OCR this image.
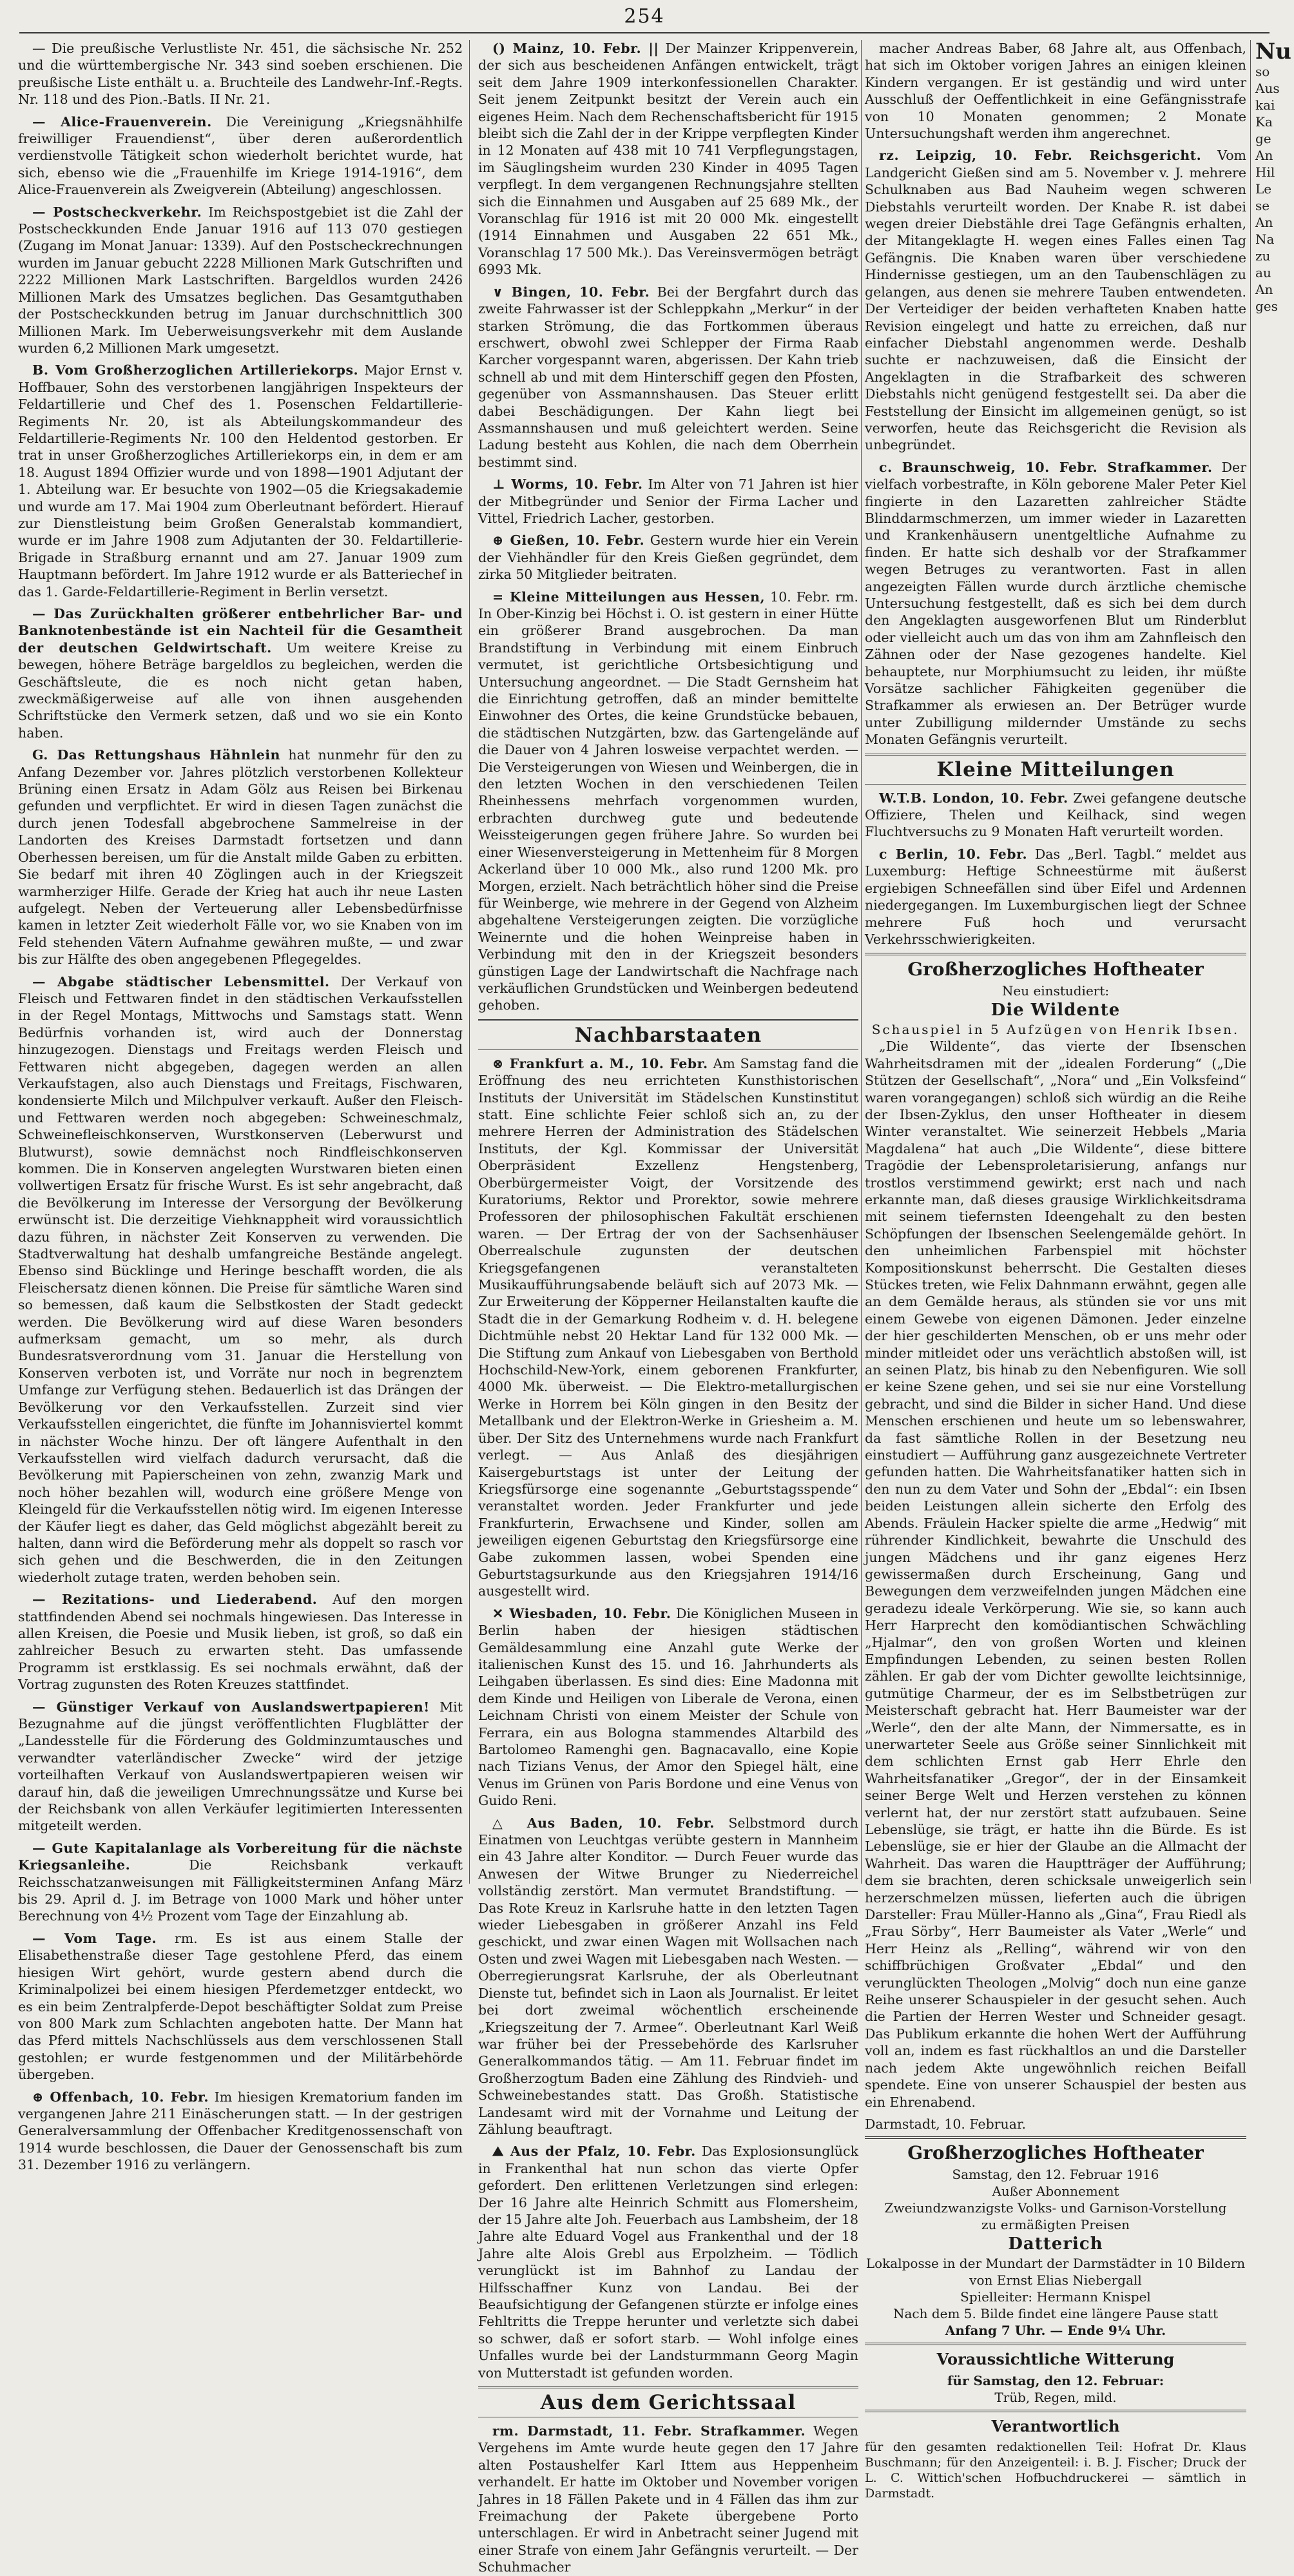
254
— Die preußische Verlustliste Nr. 451, die sächsische Nr. 252 und die württembergische Nr. 343 sind soeben erschienen. Die preußische Liste enthält u. a. Bruchteile des Landwehr-Inf.-Regts. Nr. 118 und des Pion.-Batls. II Nr. 21.
— Alice-Frauenverein. Die Vereinigung „Kriegsnähhilfe freiwilliger Frauendienst“, über deren außerordentlich verdienstvolle Tätigkeit schon wiederholt berichtet wurde, hat sich, ebenso wie die „Frauenhilfe im Kriege 1914-1916“, dem Alice-Frauenverein als Zweigverein (Abteilung) angeschlossen.
— Postscheckverkehr. Im Reichspostgebiet ist die Zahl der Postscheckkunden Ende Januar 1916 auf 113 070 gestiegen (Zugang im Monat Januar: 1339). Auf den Postscheckrechnungen wurden im Januar gebucht 2228 Millionen Mark Gutschriften und 2222 Millionen Mark Lastschriften. Bargeldlos wurden 2426 Millionen Mark des Umsatzes beglichen. Das Gesamtguthaben der Postscheckkunden betrug im Januar durchschnittlich 300 Millionen Mark. Im Ueberweisungsverkehr mit dem Auslande wurden 6,2 Millionen Mark umgesetzt.
B. Vom Großherzoglichen Artilleriekorps. Major Ernst v. Hoffbauer, Sohn des verstorbenen langjährigen Inspekteurs der Feldartillerie und Chef des 1. Posenschen Feldartillerie-Regiments Nr. 20, ist als Abteilungskommandeur des Feldartillerie-Regiments Nr. 100 den Heldentod gestorben. Er trat in unser Großherzogliches Artilleriekorps ein, in dem er am 18. August 1894 Offizier wurde und von 1898—1901 Adjutant der 1. Abteilung war. Er besuchte von 1902—05 die Kriegsakademie und wurde am 17. Mai 1904 zum Oberleutnant befördert. Hierauf zur Dienstleistung beim Großen Generalstab kommandiert, wurde er im Jahre 1908 zum Adjutanten der 30. Feldartillerie-Brigade in Straßburg ernannt und am 27. Januar 1909 zum Hauptmann befördert. Im Jahre 1912 wurde er als Batteriechef in das 1. Garde-Feldartillerie-Regiment in Berlin versetzt.
— Das Zurückhalten größerer entbehrlicher Bar- und Banknotenbestände ist ein Nachteil für die Gesamtheit der deutschen Geldwirtschaft. Um weitere Kreise zu bewegen, höhere Beträge bargeldlos zu begleichen, werden die Geschäftsleute, die es noch nicht getan haben, zweckmäßigerweise auf alle von ihnen ausgehenden Schriftstücke den Vermerk setzen, daß und wo sie ein Konto haben.
G. Das Rettungshaus Hähnlein hat nunmehr für den zu Anfang Dezember vor. Jahres plötzlich verstorbenen Kollekteur Brüning einen Ersatz in Adam Gölz aus Reisen bei Birkenau gefunden und verpflichtet. Er wird in diesen Tagen zunächst die durch jenen Todesfall abgebrochene Sammelreise in der Landorten des Kreises Darmstadt fortsetzen und dann Oberhessen bereisen, um für die Anstalt milde Gaben zu erbitten. Sie bedarf mit ihren 40 Zöglingen auch in der Kriegszeit warmherziger Hilfe. Gerade der Krieg hat auch ihr neue Lasten aufgelegt. Neben der Verteuerung aller Lebensbedürfnisse kamen in letzter Zeit wiederholt Fälle vor, wo sie Knaben von im Feld stehenden Vätern Aufnahme gewähren mußte, — und zwar bis zur Hälfte des oben angegebenen Pflegegeldes.
— Abgabe städtischer Lebensmittel. Der Verkauf von Fleisch und Fettwaren findet in den städtischen Verkaufsstellen in der Regel Montags, Mittwochs und Samstags statt. Wenn Bedürfnis vorhanden ist, wird auch der Donnerstag hinzugezogen. Dienstags und Freitags werden Fleisch und Fettwaren nicht abgegeben, dagegen werden an allen Verkaufstagen, also auch Dienstags und Freitags, Fischwaren, kondensierte Milch und Milchpulver verkauft. Außer den Fleisch- und Fettwaren werden noch abgegeben: Schweineschmalz, Schweinefleischkonserven, Wurstkonserven (Leberwurst und Blutwurst), sowie demnächst noch Rindfleischkonserven kommen. Die in Konserven angelegten Wurstwaren bieten einen vollwertigen Ersatz für frische Wurst. Es ist sehr angebracht, daß die Bevölkerung im Interesse der Versorgung der Bevölkerung erwünscht ist. Die derzeitige Viehknappheit wird voraussichtlich dazu führen, in nächster Zeit Konserven zu verwenden. Die Stadtverwaltung hat deshalb umfangreiche Bestände angelegt. Ebenso sind Bücklinge und Heringe beschafft worden, die als Fleischersatz dienen können. Die Preise für sämtliche Waren sind so bemessen, daß kaum die Selbstkosten der Stadt gedeckt werden. Die Bevölkerung wird auf diese Waren besonders aufmerksam gemacht, um so mehr, als durch Bundesratsverordnung vom 31. Januar die Herstellung von Konserven verboten ist, und Vorräte nur noch in begrenztem Umfange zur Verfügung stehen. Bedauerlich ist das Drängen der Bevölkerung vor den Verkaufsstellen. Zurzeit sind vier Verkaufsstellen eingerichtet, die fünfte im Johannisviertel kommt in nächster Woche hinzu. Der oft längere Aufenthalt in den Verkaufsstellen wird vielfach dadurch verursacht, daß die Bevölkerung mit Papierscheinen von zehn, zwanzig Mark und noch höher bezahlen will, wodurch eine größere Menge von Kleingeld für die Verkaufsstellen nötig wird. Im eigenen Interesse der Käufer liegt es daher, das Geld möglichst abgezählt bereit zu halten, dann wird die Beförderung mehr als doppelt so rasch vor sich gehen und die Beschwerden, die in den Zeitungen wiederholt zutage traten, werden behoben sein.
— Rezitations- und Liederabend. Auf den morgen stattfindenden Abend sei nochmals hingewiesen. Das Interesse in allen Kreisen, die Poesie und Musik lieben, ist groß, so daß ein zahlreicher Besuch zu erwarten steht. Das umfassende Programm ist erstklassig. Es sei nochmals erwähnt, daß der Vortrag zugunsten des Roten Kreuzes stattfindet.
— Günstiger Verkauf von Auslandswertpapieren! Mit Bezugnahme auf die jüngst veröffentlichten Flugblätter der „Landesstelle für die Förderung des Goldminzumtausches und verwandter vaterländischer Zwecke“ wird der jetzige vorteilhaften Verkauf von Auslandswertpapieren weisen wir darauf hin, daß die jeweiligen Umrechnungssätze und Kurse bei der Reichsbank von allen Verkäufer legitimierten Interessenten mitgeteilt werden.
— Gute Kapitalanlage als Vorbereitung für die nächste Kriegsanleihe.	Die Reichsbank verkauft Reichsschatzanweisungen mit Fälligkeitsterminen Anfang März bis 29. April d. J. im Betrage von 1000 Mark und höher unter Berechnung von 4½ Prozent vom Tage der Einzahlung ab.
— Vom Tage. rm. Es ist aus einem Stalle der Elisabethenstraße dieser Tage gestohlene Pferd, das einem hiesigen Wirt gehört, wurde gestern abend durch die Kriminalpolizei bei einem hiesigen Pferdemetzger entdeckt, wo es ein beim Zentralpferde-Depot beschäftigter Soldat zum Preise von 800 Mark zum Schlachten angeboten hatte. Der Mann hat das Pferd mittels Nachschlüssels aus dem verschlossenen Stall gestohlen; er wurde festgenommen und der Militärbehörde übergeben.
⊕ Offenbach, 10. Febr. Im hiesigen Krematorium fanden im vergangenen Jahre 211 Einäscherungen statt. — In der gestrigen Generalversammlung der Offenbacher Kreditgenossenschaft von 1914 wurde beschlossen, die Dauer der Genossenschaft bis zum 31. Dezember 1916 zu verlängern.
() Mainz, 10. Febr. || Der Mainzer Krippenverein, der sich aus bescheidenen Anfängen entwickelt, trägt seit dem Jahre 1909 interkonfessionellen Charakter. Seit jenem Zeitpunkt besitzt der Verein auch ein eigenes Heim. Nach dem Rechenschaftsbericht für 1915 bleibt sich die Zahl der in der Krippe verpflegten Kinder in 12 Monaten auf 438 mit 10 741 Verpflegungstagen, im Säuglingsheim wurden 230 Kinder in 4095 Tagen verpflegt. In dem vergangenen Rechnungsjahre stellten sich die Einnahmen und Ausgaben auf 25 689 Mk., der Voranschlag für 1916 ist mit 20 000 Mk. eingestellt (1914 Einnahmen und Ausgaben 22 651 Mk., Voranschlag 17 500 Mk.). Das Vereinsvermögen beträgt 6993 Mk.
∨ Bingen, 10. Febr. Bei der Bergfahrt durch das zweite Fahrwasser ist der Schleppkahn „Merkur“ in der starken Strömung, die das Fortkommen überaus erschwert, obwohl zwei Schlepper der Firma Raab Karcher vorgespannt waren, abgerissen. Der Kahn trieb schnell ab und mit dem Hinterschiff gegen den Pfosten, gegenüber von Assmannshausen. Das Steuer erlitt dabei Beschädigungen. Der Kahn liegt bei Assmannshausen und muß geleichtert werden. Seine Ladung besteht aus Kohlen, die nach dem Oberrhein bestimmt sind.
⊥ Worms, 10. Febr. Im Alter von 71 Jahren ist hier der Mitbegründer und Senior der Firma Lacher und Vittel, Friedrich Lacher, gestorben.
⊕ Gießen, 10. Febr. Gestern wurde hier ein Verein der Viehhändler für den Kreis Gießen gegründet, dem zirka 50 Mitglieder beitraten.
= Kleine Mitteilungen aus Hessen, 10. Febr. rm. In Ober-Kinzig bei Höchst i. O. ist gestern in einer Hütte ein größerer Brand ausgebrochen. Da man Brandstiftung in Verbindung mit einem Einbruch vermutet, ist gerichtliche Ortsbesichtigung und Untersuchung angeordnet. — Die Stadt Gernsheim hat die Einrichtung getroffen, daß an minder bemittelte Einwohner des Ortes, die keine Grundstücke bebauen, die städtischen Nutzgärten, bzw. das Gartengelände auf die Dauer von 4 Jahren losweise verpachtet werden. — Die Versteigerungen von Wiesen und Weinbergen, die in den letzten Wochen in den verschiedenen Teilen Rheinhessens mehrfach vorgenommen wurden, erbrachten durchweg gute und bedeutende Weissteigerungen gegen frühere Jahre. So wurden bei einer Wiesenversteigerung in Mettenheim für 8 Morgen Ackerland über 10 000 Mk., also rund 1200 Mk. pro Morgen, erzielt. Nach beträchtlich höher sind die Preise für Weinberge, wie mehrere in der Gegend von Alzheim abgehaltene Versteigerungen zeigten. Die vorzügliche Weinernte und die hohen Weinpreise haben in Verbindung mit den in der Kriegszeit besonders günstigen Lage der Landwirtschaft die Nachfrage nach verkäuflichen Grundstücken und Weinbergen bedeutend gehoben.
Nachbarstaaten
⊗ Frankfurt a. M., 10. Febr. Am Samstag fand die Eröffnung des neu errichteten Kunsthistorischen Instituts der Universität im Städelschen Kunstinstitut statt. Eine schlichte Feier schloß sich an, zu der mehrere Herren der Administration des Städelschen Instituts, der Kgl. Kommissar der Universität Oberpräsident Exzellenz Hengstenberg, Oberbürgermeister Voigt, der Vorsitzende des Kuratoriums, Rektor und Prorektor, sowie mehrere Professoren der philosophischen Fakultät erschienen waren. — Der Ertrag der von der Sachsenhäuser Oberrealschule zugunsten der deutschen Kriegsgefangenen veranstalteten Musikaufführungsabende beläuft sich auf 2073 Mk. — Zur Erweiterung der Köpperner Heilanstalten kaufte die Stadt die in der Gemarkung Rodheim v. d. H. belegene Dichtmühle nebst 20 Hektar Land für 132 000 Mk. — Die Stiftung zum Ankauf von Liebesgaben von Berthold Hochschild-New-York, einem geborenen Frankfurter, 4000 Mk. überweist. — Die Elektro-metallurgischen Werke in Horrem bei Köln gingen in den Besitz der Metallbank und der Elektron-Werke in Griesheim a. M. über. Der Sitz des Unternehmens wurde nach Frankfurt verlegt. — Aus Anlaß des diesjährigen Kaisergeburtstags ist unter der Leitung der Kriegsfürsorge eine sogenannte „Geburtstagsspende“ veranstaltet worden. Jeder Frankfurter und jede Frankfurterin, Erwachsene und Kinder, sollen am jeweiligen eigenen Geburtstag den Kriegsfürsorge eine Gabe zukommen lassen, wobei Spenden eine Geburtstagsurkunde aus den Kriegsjahren 1914/16 ausgestellt wird.
✕ Wiesbaden, 10. Febr. Die Königlichen Museen in Berlin haben der hiesigen städtischen Gemäldesammlung eine Anzahl gute Werke der italienischen Kunst des 15. und 16. Jahrhunderts als Leihgaben überlassen. Es sind dies: Eine Madonna mit dem Kinde und Heiligen von Liberale de Verona, einen Leichnam Christi von einem Meister der Schule von Ferrara, ein aus Bologna stammendes Altarbild des Bartolomeo Ramenghi gen. Bagnacavallo, eine Kopie nach Tizians Venus, der Amor den Spiegel hält, eine Venus im Grünen von Paris Bordone und eine Venus von Guido Reni.
△ Aus Baden, 10. Febr. Selbstmord durch Einatmen von Leuchtgas verübte gestern in Mannheim ein 43 Jahre alter Konditor. — Durch Feuer wurde das Anwesen der Witwe Brunger zu Niederreichel vollständig zerstört. Man vermutet Brandstiftung. — Das Rote Kreuz in Karlsruhe hatte in den letzten Tagen wieder Liebesgaben in größerer Anzahl ins Feld geschickt, und zwar einen Wagen mit Wollsachen nach Osten und zwei Wagen mit Liebesgaben nach Westen. — Oberregierungsrat Karlsruhe, der als Oberleutnant Dienste tut, befindet sich in Laon als Journalist. Er leitet bei dort zweimal wöchentlich erscheinende „Kriegszeitung der 7. Armee“. Oberleutnant Karl Weiß war früher bei der Pressebehörde des Karlsruher Generalkommandos tätig. — Am 11. Februar findet im Großherzogtum Baden eine Zählung des Rindvieh- und Schweinebestandes statt. Das Großh. Statistische Landesamt wird mit der Vornahme und Leitung der Zählung beauftragt.
⛰ Aus der Pfalz, 10. Febr. Das Explosionsunglück in Frankenthal hat nun schon das vierte Opfer gefordert. Den erlittenen Verletzungen sind erlegen: Der 16 Jahre alte Heinrich Schmitt aus Flomersheim, der 15 Jahre alte Joh. Feuerbach aus Lambsheim, der 18 Jahre alte Eduard Vogel aus Frankenthal und der 18 Jahre alte Alois Grebl aus Erpolzheim. — Tödlich verunglückt ist im Bahnhof zu Landau der Hilfsschaffner Kunz von Landau. Bei der Beaufsichtigung der Gefangenen stürzte er infolge eines Fehltritts die Treppe herunter und verletzte sich dabei so schwer, daß er sofort starb. — Wohl infolge eines Unfalles wurde bei der Landsturmmann Georg Magin von Mutterstadt ist gefunden worden.
Aus dem Gerichtssaal
rm. Darmstadt, 11. Febr. Strafkammer. Wegen Vergehens im Amte wurde heute gegen den 17 Jahre alten Postaushelfer Karl Ittem aus Heppenheim verhandelt. Er hatte im Oktober und November vorigen Jahres in 18 Fällen Pakete und in 4 Fällen das ihm zur Freimachung der Pakete übergebene Porto unterschlagen. Er wird in Anbetracht seiner Jugend mit einer Strafe von einem Jahr Gefängnis verurteilt. — Der Schuhmacher
macher Andreas Baber, 68 Jahre alt, aus Offenbach, hat sich im Oktober vorigen Jahres an einigen kleinen Kindern vergangen. Er ist geständig und wird unter Ausschluß der Oeffentlichkeit in eine Gefängnisstrafe von 10 Monaten genommen; 2 Monate Untersuchungshaft werden ihm angerechnet.
rz. Leipzig, 10. Febr. Reichsgericht. Vom Landgericht Gießen sind am 5. November v. J. mehrere Schulknaben aus Bad Nauheim wegen schweren Diebstahls verurteilt worden. Der Knabe R. ist dabei wegen dreier Diebstähle drei Tage Gefängnis erhalten, der Mitangeklagte H. wegen eines Falles einen Tag Gefängnis. Die Knaben waren über verschiedene Hindernisse gestiegen, um an den Taubenschlägen zu gelangen, aus denen sie mehrere Tauben entwendeten. Der Verteidiger der beiden verhafteten Knaben hatte Revision eingelegt und hatte zu erreichen, daß nur einfacher Diebstahl angenommen werde. Deshalb suchte er nachzuweisen, daß die Einsicht der Angeklagten in die Strafbarkeit des schweren Diebstahls nicht genügend festgestellt sei. Da aber die Feststellung der Einsicht im allgemeinen genügt, so ist verworfen, heute das Reichsgericht die Revision als unbegründet.
c. Braunschweig, 10. Febr. Strafkammer. Der vielfach vorbestrafte, in Köln geborene Maler Peter Kiel fingierte in den Lazaretten zahlreicher Städte Blinddarmschmerzen, um immer wieder in Lazaretten und Krankenhäusern unentgeltliche Aufnahme zu finden. Er hatte sich deshalb vor der Strafkammer wegen Betruges zu verantworten. Fast in allen angezeigten Fällen wurde durch ärztliche chemische Untersuchung festgestellt, daß es sich bei dem durch den Angeklagten ausgeworfenen Blut um Rinderblut oder vielleicht auch um das von ihm am Zahnfleisch den Zähnen oder der Nase gezogenes handelte. Kiel behauptete, nur Morphiumsucht zu leiden, ihr müßte Vorsätze sachlicher Fähigkeiten gegenüber die Strafkammer als erwiesen an. Der Betrüger wurde unter Zubilligung mildernder Umstände zu sechs Monaten Gefängnis verurteilt.
Kleine Mitteilungen
W.T.B. London, 10. Febr. Zwei gefangene deutsche Offiziere, Thelen und Keilhack, sind wegen Fluchtversuchs zu 9 Monaten Haft verurteilt worden.
c Berlin, 10. Febr. Das „Berl. Tagbl.“ meldet aus Luxemburg: Heftige Schneestürme mit äußerst ergiebigen Schneefällen sind über Eifel und Ardennen niedergegangen. Im Luxemburgischen liegt der Schnee mehrere Fuß hoch und verursacht Verkehrsschwierigkeiten.
Großherzogliches Hoftheater
Neu einstudiert:
Die Wildente
Schauspiel in 5 Aufzügen von Henrik Ibsen.
„Die Wildente“, das vierte der Ibsenschen Wahrheitsdramen mit der „idealen Forderung“ („Die Stützen der Gesellschaft“, „Nora“ und „Ein Volksfeind“ waren vorangegangen) schloß sich würdig an die Reihe der Ibsen-Zyklus, den unser Hoftheater in diesem Winter veranstaltet. Wie seinerzeit Hebbels „Maria Magdalena“ hat auch „Die Wildente“, diese bittere Tragödie der Lebensproletarisierung, anfangs nur trostlos verstimmend gewirkt; erst nach und nach erkannte man, daß dieses grausige Wirklichkeitsdrama mit seinem tiefernsten Ideengehalt zu den besten Schöpfungen der Ibsenschen Seelengemälde gehört. In den unheimlichen Farbenspiel mit höchster Kompositionskunst beherrscht. Die Gestalten dieses Stückes treten, wie Felix Dahnmann erwähnt, gegen alle an dem Gemälde heraus, als stünden sie vor uns mit einem Gewebe von eigenen Dämonen. Jeder einzelne der hier geschilderten Menschen, ob er uns mehr oder minder mitleidet oder uns verächtlich abstoßen will, ist an seinen Platz, bis hinab zu den Nebenfiguren. Wie soll er keine Szene gehen, und sei sie nur eine Vorstellung gebracht, und sind die Bilder in sicher Hand. Und diese Menschen erschienen und heute um so lebenswahrer, da fast sämtliche Rollen in der Besetzung neu einstudiert — Aufführung ganz ausgezeichnete Vertreter gefunden hatten. Die Wahrheitsfanatiker hatten sich in den nun zu dem Vater und Sohn der „Ebdal“: ein Ibsen beiden Leistungen allein sicherte den Erfolg des Abends. Fräulein Hacker spielte die arme „Hedwig“ mit rührender Kindlichkeit, bewahrte die Unschuld des jungen Mädchens und ihr ganz eigenes Herz gewissermaßen durch Erscheinung, Gang und Bewegungen dem verzweifelnden jungen Mädchen eine geradezu ideale Verkörperung. Wie sie, so kann auch Herr Harprecht den komödiantischen Schwächling „Hjalmar“, den von großen Worten und kleinen Empfindungen Lebenden, zu seinen besten Rollen zählen. Er gab der vom Dichter gewollte leichtsinnige, gutmütige Charmeur, der es im Selbstbetrügen zur Meisterschaft gebracht hat. Herr Baumeister war der „Werle“, den der alte Mann, der Nimmersatte, es in unerwarteter Seele aus Größe seiner Sinnlichkeit mit dem schlichten Ernst gab Herr Ehrle den Wahrheitsfanatiker „Gregor“, der in der Einsamkeit seiner Berge Welt und Herzen verstehen zu können verlernt hat, der nur zerstört statt aufzubauen. Seine Lebenslüge, sie trägt, er hatte ihn die Bürde. Es ist Lebenslüge, sie er hier der Glaube an die Allmacht der Wahrheit. Das waren die Hauptträger der Aufführung; dem sie brachten, deren schicksale unweigerlich sein herzerschmelzen müssen, lieferten auch die übrigen Darsteller: Frau Müller-Hanno als „Gina“, Frau Riedl als „Frau Sörby“, Herr Baumeister als Vater „Werle“ und Herr Heinz als „Relling“, während wir von den schiffbrüchigen Großvater „Ebdal“ und den verunglückten Theologen „Molvig“ doch nun eine ganze Reihe unserer Schauspieler in der gesucht sehen. Auch die Partien der Herren Wester und Schneider gesagt. Das Publikum erkannte die hohen Wert der Aufführung voll an, indem es fast rückhaltlos an und die Darsteller nach jedem Akte ungewöhnlich reichen Beifall spendete. Eine von unserer Schauspiel der besten aus ein Ehrenabend.
Darmstadt, 10. Februar.
Großherzogliches Hoftheater
Samstag, den 12. Februar 1916
Außer Abonnement
Zweiundzwanzigste Volks- und Garnison-Vorstellung
zu ermäßigten Preisen
Datterich
Lokalposse in der Mundart der Darmstädter in 10 Bildern von Ernst Elias Niebergall
Spielleiter: Hermann Knispel
Nach dem 5. Bilde findet eine längere Pause statt
Anfang 7 Uhr. — Ende 9¼ Uhr.
Voraussichtliche Witterung
für Samstag, den 12. Februar:
Trüb, Regen, mild.
Verantwortlich
für den gesamten redaktionellen Teil: Hofrat Dr. Klaus Buschmann; für den Anzeigenteil: i. B. J. Fischer; Druck der L. C. Wittich'schen Hofbuchdruckerei — sämtlich in Darmstadt.
Nu
so
Aus
kai
Ka
ge
An
Hil
Le
se
An
Na
zu
au
An
ges
